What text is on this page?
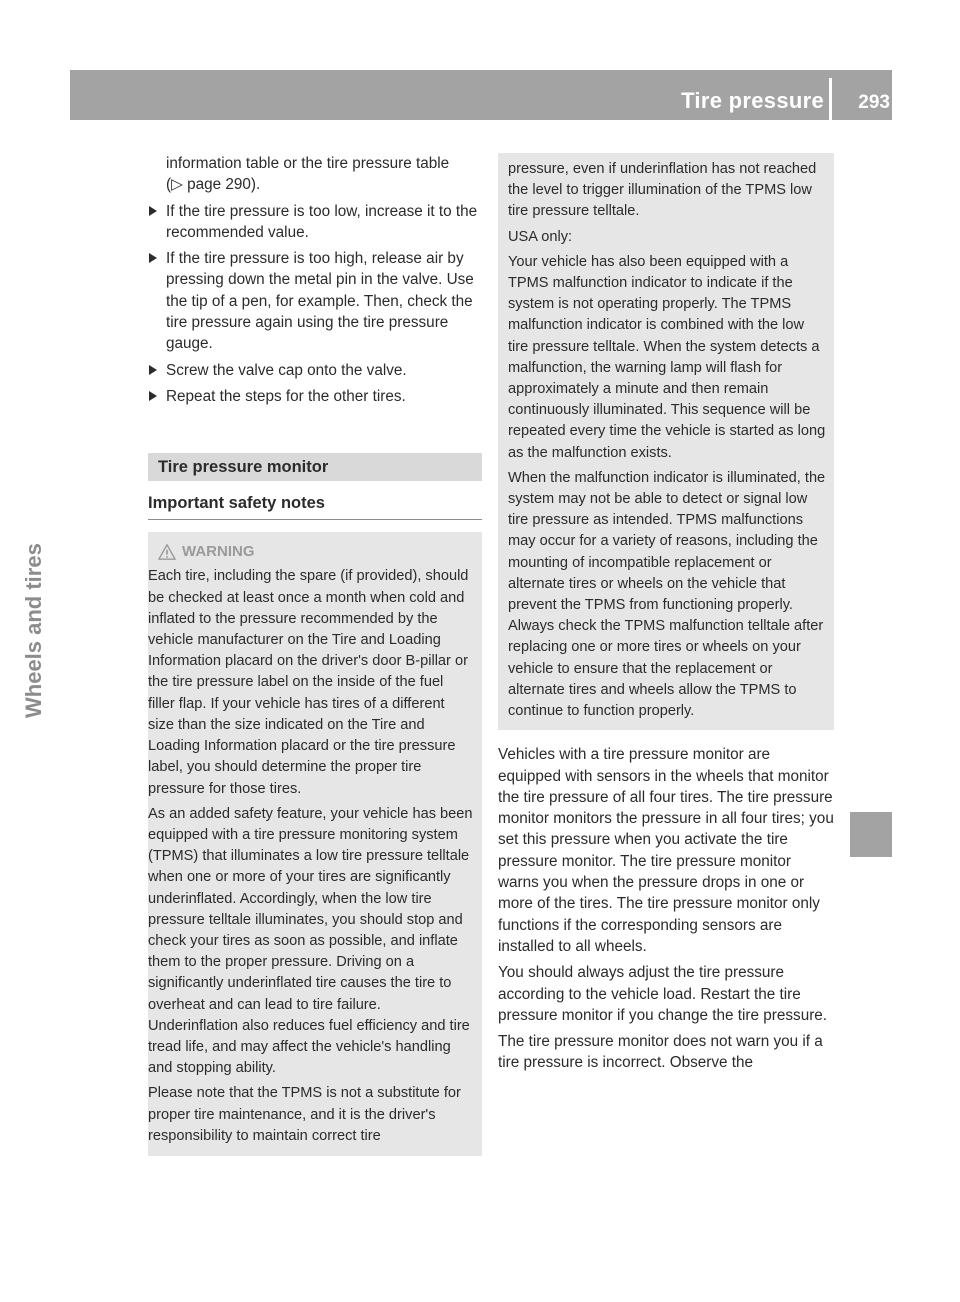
Tire pressure 293
Wheels and tires

information table or the tire pressure table
(▷ page 290).

If the tire pressure is too low, increase it to the recommended value.
If the tire pressure is too high, release air by pressing down the metal pin in the valve. Use the tip of a pen, for example. Then, check the tire pressure again using the tire pressure gauge.
Screw the valve cap onto the valve.
Repeat the steps for the other tires.
Tire pressure monitor
Important safety notes
WARNING

Each tire, including the spare (if provided), should be checked at least once a month when cold and inflated to the pressure recommended by the vehicle manufacturer on the Tire and Loading Information placard on the driver's door B-pillar or the tire pressure label on the inside of the fuel filler flap. If your vehicle has tires of a different size than the size indicated on the Tire and Loading Information placard or the tire pressure label, you should determine the proper tire pressure for those tires.

As an added safety feature, your vehicle has been equipped with a tire pressure monitoring system (TPMS) that illuminates a low tire pressure telltale when one or more of your tires are significantly underinflated. Accordingly, when the low tire pressure telltale illuminates, you should stop and check your tires as soon as possible, and inflate them to the proper pressure. Driving on a significantly underinflated tire causes the tire to overheat and can lead to tire failure. Underinflation also reduces fuel efficiency and tire tread life, and may affect the vehicle's handling and stopping ability.

Please note that the TPMS is not a substitute for proper tire maintenance, and it is the driver's responsibility to maintain correct tire

pressure, even if underinflation has not reached the level to trigger illumination of the TPMS low tire pressure telltale.

USA only:

Your vehicle has also been equipped with a TPMS malfunction indicator to indicate if the system is not operating properly. The TPMS malfunction indicator is combined with the low tire pressure telltale. When the system detects a malfunction, the warning lamp will flash for approximately a minute and then remain continuously illuminated. This sequence will be repeated every time the vehicle is started as long as the malfunction exists.

When the malfunction indicator is illuminated, the system may not be able to detect or signal low tire pressure as intended. TPMS malfunctions may occur for a variety of reasons, including the mounting of incompatible replacement or alternate tires or wheels on the vehicle that prevent the TPMS from functioning properly. Always check the TPMS malfunction telltale after replacing one or more tires or wheels on your vehicle to ensure that the replacement or alternate tires and wheels allow the TPMS to continue to function properly.

Vehicles with a tire pressure monitor are equipped with sensors in the wheels that monitor the tire pressure of all four tires. The tire pressure monitor monitors the pressure in all four tires; you set this pressure when you activate the tire pressure monitor. The tire pressure monitor warns you when the pressure drops in one or more of the tires. The tire pressure monitor only functions if the corresponding sensors are installed to all wheels.

You should always adjust the tire pressure according to the vehicle load. Restart the tire pressure monitor if you change the tire pressure.

The tire pressure monitor does not warn you if a tire pressure is incorrect. Observe the
